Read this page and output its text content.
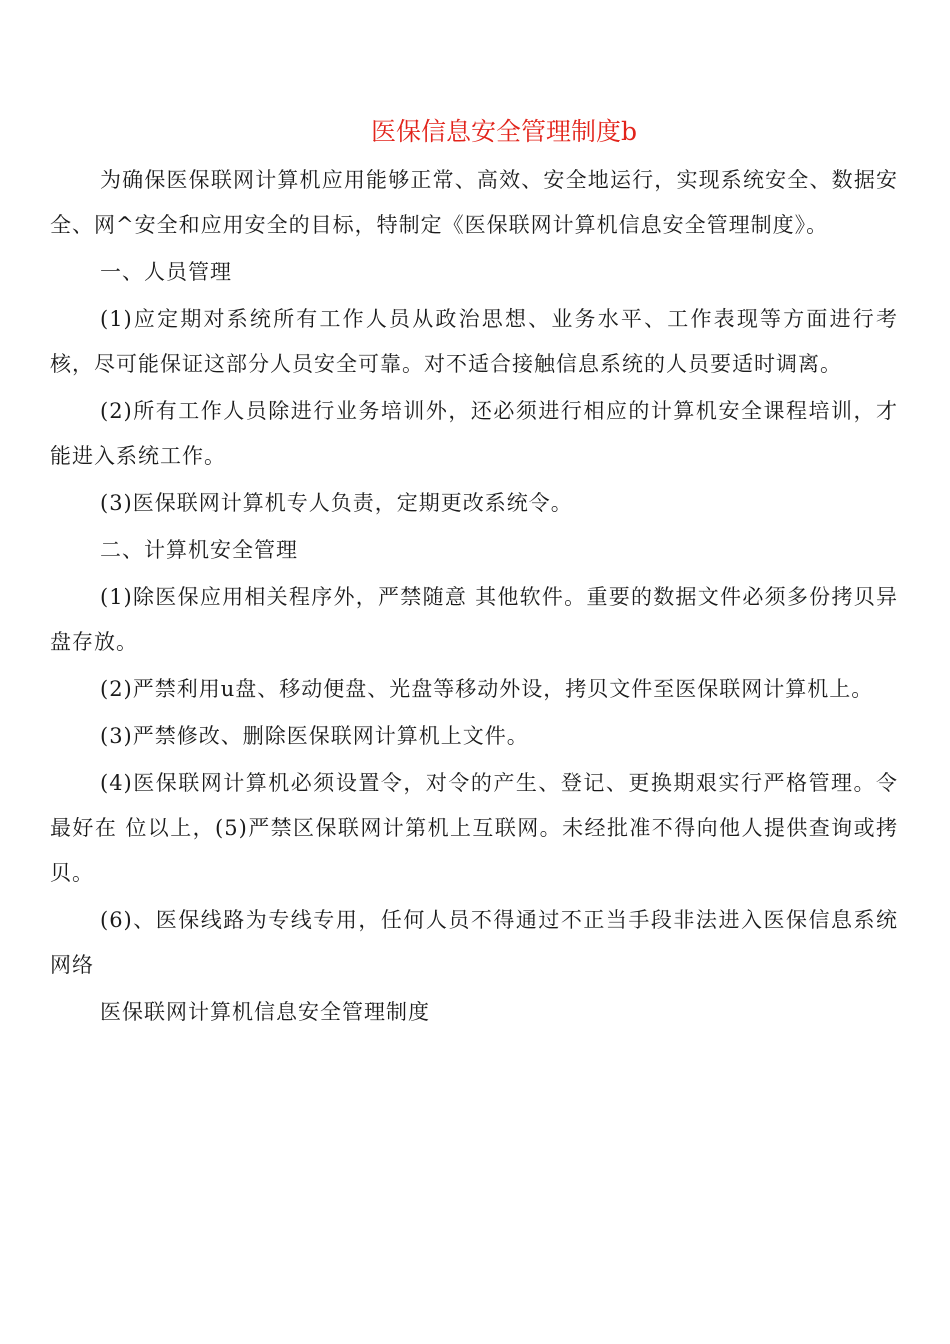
医保信息安全管理制度b

为确保医保联网计算机应用能够正常、高效、安全地运行，实现系统安全、数据安全、网^安全和应用安全的目标，特制定《医保联网计算机信息安全管理制度》。

一、人员管理

(1)应定期对系统所有工作人员从政治思想、业务水平、工作表现等方面进行考核，尽可能保证这部分人员安全可靠。对不适合接触信息系统的人员要适时调离。

(2)所有工作人员除进行业务培训外，还必须进行相应的计算机安全课程培训，才能进入系统工作。

(3)医保联网计算机专人负责，定期更改系统令。

二、计算机安全管理

(1)除医保应用相关程序外，严禁随意 其他软件。重要的数据文件必须多份拷贝异盘存放。

(2)严禁利用u盘、移动便盘、光盘等移动外设，拷贝文件至医保联网计算机上。

(3)严禁修改、删除医保联网计算机上文件。

(4)医保联网计算机必须设置令，对令的产生、登记、更换期艰实行严格管理。令最好在 位以上，(5)严禁区保联网计第机上互联网。未经批准不得向他人提供查询或拷贝。

(6)、医保线路为专线专用，任何人员不得通过不正当手段非法进入医保信息系统网络

医保联网计算机信息安全管理制度
